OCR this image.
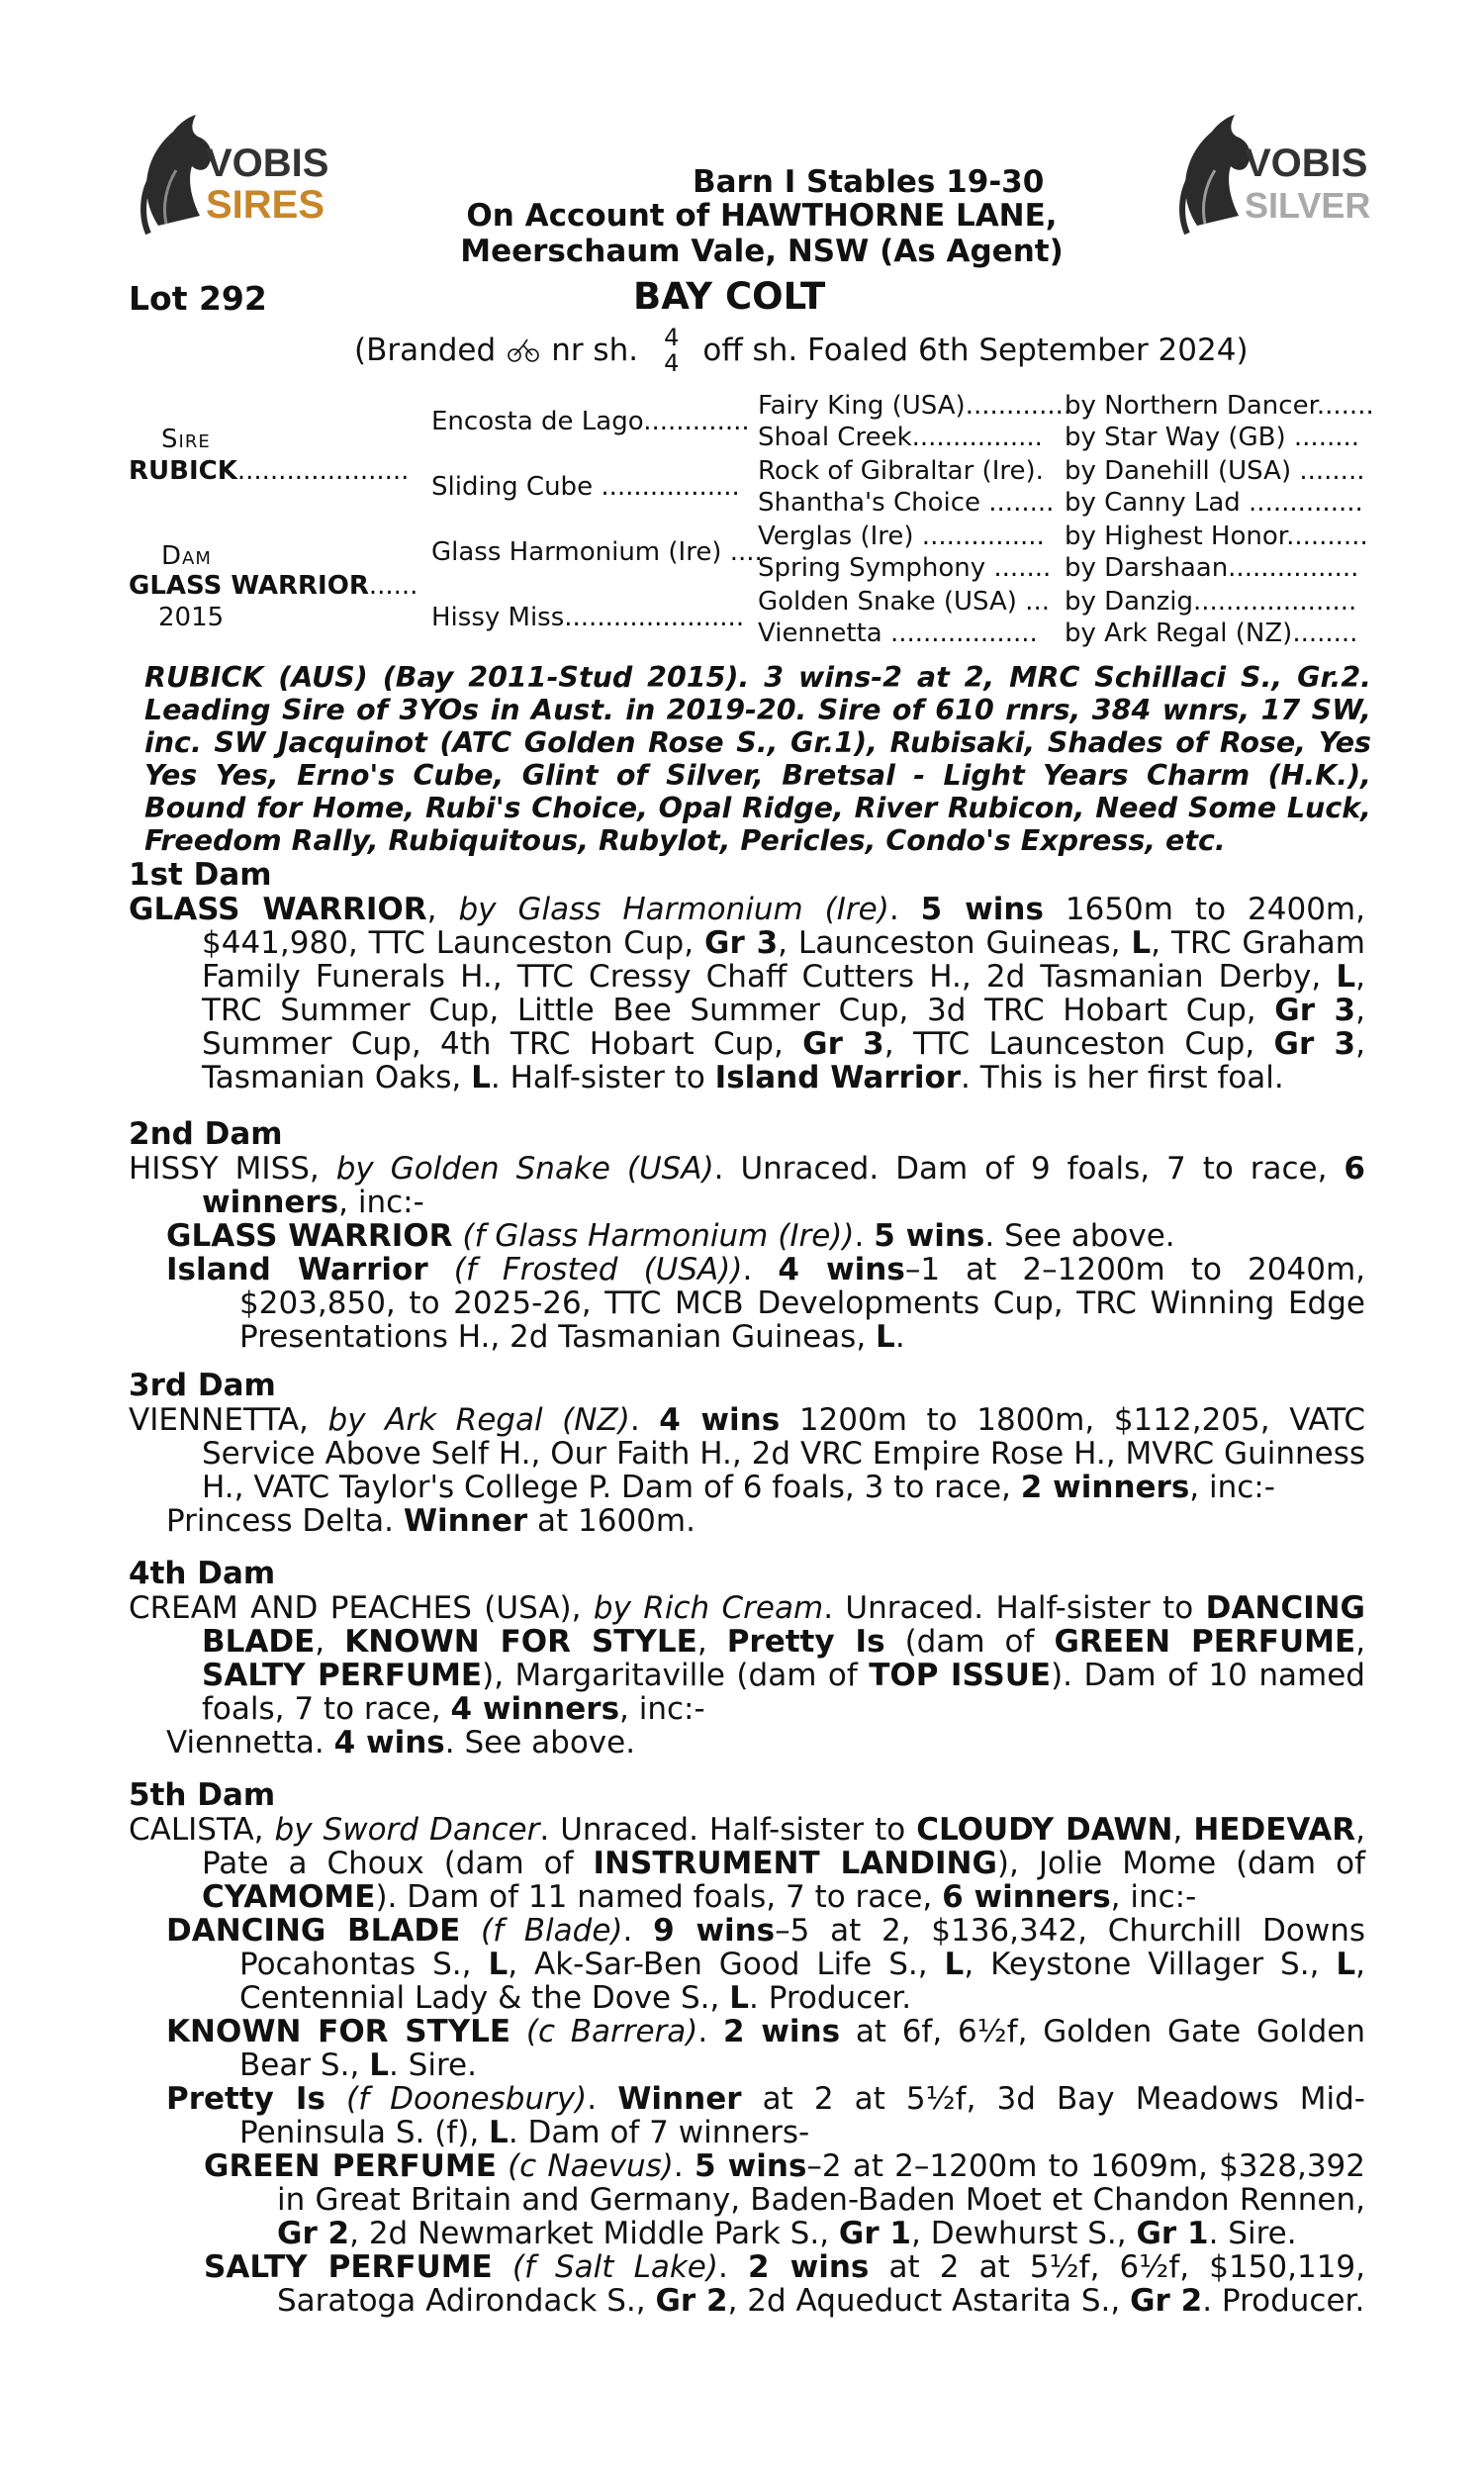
VOBIS
SIRES
VOBIS
SILVER
Barn I Stables 19-30
On Account of HAWTHORNE LANE,
Meerschaum Vale, NSW (As Agent)
Lot 292	BAY COLT
(Branded nr sh. 4
4 off sh. Foaled 6th September 2024)
Sire
RUBICK.....................
Dam
GLASS WARRIOR......
2015
Encosta de Lago.............
Sliding Cube .................
Glass Harmonium (Ire) ....
Hissy Miss......................
Fairy King (USA).............
by Northern Dancer.......
Shoal Creek................ by Star Way (GB) ........
Rock of Gibraltar (Ire). by Danehill (USA) ........
Shantha's Choice ........ by Canny Lad ..............
Verglas (Ire) ............... by Highest Honor..........
Spring Symphony ....... by Darshaan................
Golden Snake (USA) ... by Danzig....................
Viennetta ..................	by Ark Regal (NZ)........
RUBICK (AUS) (Bay 2011-Stud 2015). 3 wins-2 at 2, MRC Schillaci S., Gr.2. Leading Sire of 3YOs in Aust. in 2019-20. Sire of 610 rnrs, 384 wnrs, 17 SW, inc. SW Jacquinot (ATC Golden Rose S., Gr.1), Rubisaki, Shades of Rose, Yes Yes Yes, Erno's Cube, Glint of Silver, Bretsal - Light Years Charm (H.K.), Bound for Home, Rubi's Choice, Opal Ridge, River Rubicon, Need Some Luck, Freedom Rally, Rubiquitous, Rubylot, Pericles, Condo's Express, etc.
1st Dam

GLASS WARRIOR, by Glass Harmonium (Ire). 5 wins 1650m to 2400m, $441,980, TTC Launceston Cup, Gr 3, Launceston Guineas, L, TRC Graham Family Funerals H., TTC Cressy Chaff Cutters H., 2d Tasmanian Derby, L, TRC Summer Cup, Little Bee Summer Cup, 3d TRC Hobart Cup, Gr 3, Summer Cup, 4th TRC Hobart Cup, Gr 3, TTC Launceston Cup, Gr 3, Tasmanian Oaks, L. Half-sister to Island Warrior. This is her first foal.

2nd Dam

HISSY MISS, by Golden Snake (USA). Unraced. Dam of 9 foals, 7 to race, 6 winners, inc:-

GLASS WARRIOR (f Glass Harmonium (Ire)). 5 wins. See above.

Island Warrior (f Frosted (USA)). 4 wins–1 at 2–1200m to 2040m, $203,850, to 2025-26, TTC MCB Developments Cup, TRC Winning Edge Presentations H., 2d Tasmanian Guineas, L.

3rd Dam

VIENNETTA, by Ark Regal (NZ). 4 wins 1200m to 1800m, $112,205, VATC Service Above Self H., Our Faith H., 2d VRC Empire Rose H., MVRC Guinness H., VATC Taylor's College P. Dam of 6 foals, 3 to race, 2 winners, inc:-

Princess Delta. Winner at 1600m.

4th Dam

CREAM AND PEACHES (USA), by Rich Cream. Unraced. Half-sister to DANCING BLADE, KNOWN FOR STYLE, Pretty Is (dam of GREEN PERFUME, SALTY PERFUME), Margaritaville (dam of TOP ISSUE). Dam of 10 named foals, 7 to race, 4 winners, inc:-

Viennetta. 4 wins. See above.

5th Dam

CALISTA, by Sword Dancer. Unraced. Half-sister to CLOUDY DAWN, HEDEVAR, Pate a Choux (dam of INSTRUMENT LANDING), Jolie Mome (dam of CYAMOME). Dam of 11 named foals, 7 to race, 6 winners, inc:-

DANCING BLADE (f Blade). 9 wins–5 at 2, $136,342, Churchill Downs Pocahontas S., L, Ak-Sar-Ben Good Life S., L, Keystone Villager S., L, Centennial Lady & the Dove S., L. Producer.

KNOWN FOR STYLE (c Barrera). 2 wins at 6f, 6½f, Golden Gate Golden Bear S., L. Sire.

Pretty Is (f Doonesbury). Winner at 2 at 5½f, 3d Bay Meadows Mid-Peninsula S. (f), L. Dam of 7 winners-

GREEN PERFUME (c Naevus). 5 wins–2 at 2–1200m to 1609m, $328,392 in Great Britain and Germany, Baden-Baden Moet et Chandon Rennen, Gr 2, 2d Newmarket Middle Park S., Gr 1, Dewhurst S., Gr 1. Sire.

SALTY PERFUME (f Salt Lake). 2 wins at 2 at 5½f, 6½f, $150,119, Saratoga Adirondack S., Gr 2, 2d Aqueduct Astarita S., Gr 2. Producer.
